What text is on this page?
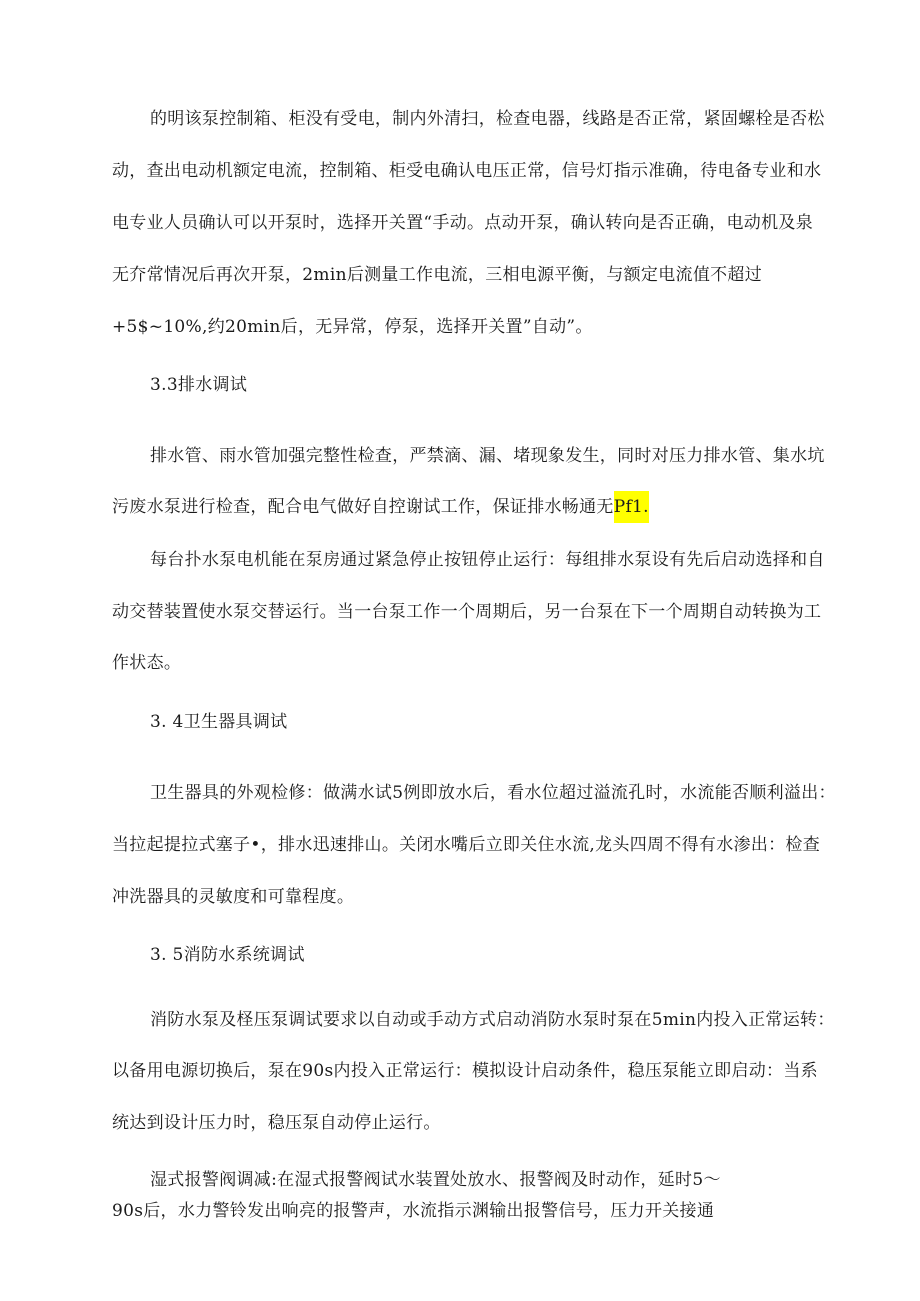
的明该泵控制箱、柜没有受电，制内外清扫，检查电器，线路是否正常，紧固螺栓是否松
动，查出电动机额定电流，控制箱、柜受电确认电压正常，信号灯指示准确，待电备专业和水
电专业人员确认可以开泵时，选择开关置“手动。点动开泵，确认转向是否正确，电动机及泉
无夰常情况后再次开泵，2min后测量工作电流，三相电源平衡，与额定电流值不超过
+5$~10%,约20min后，无异常，停泵，选择开关置”自动”。
3.3排水调试
排水管、雨水管加强完整性检查，严禁滴、漏、堵现象发生，同时对压力排水管、集水坑
污废水泵进行检查，配合电气做好自控谢试工作，保证排水畅通无Pf1.
每台扑水泵电机能在泵房通过紧急停止按钮停止运行：每组排水泵设有先后启动选择和自
动交替装置使水泵交替运行。当一台泵工作一个周期后，另一台泵在下一个周期自动转换为工
作状态。
3. 4卫生器具调试
卫生器具的外观检修：做满水试5例即放水后，看水位超过溢流孔时，水流能否顺利溢出：
当拉起提拉式塞子•，排水迅速排山。关闭水嘴后立即关住水流,龙头四周不得有水渗出：检查
冲洗器具的灵敏度和可靠程度。
3. 5消防水系统调试
消防水泵及柽压泵调试要求以自动或手动方式启动消防水泵时泵在5min内投入正常运转：
以备用电源切换后，泵在90s内投入正常运行：模拟设计启动条件，稳压泵能立即启动：当系
统达到设计压力时，稳压泵自动停止运行。
湿式报警阀调减:在湿式报警阀试水装置处放水、报警阀及时动作，延时5～
90s后，水力警铃发出响亮的报警声，水流指示渊输出报警信号，压力开关接通
